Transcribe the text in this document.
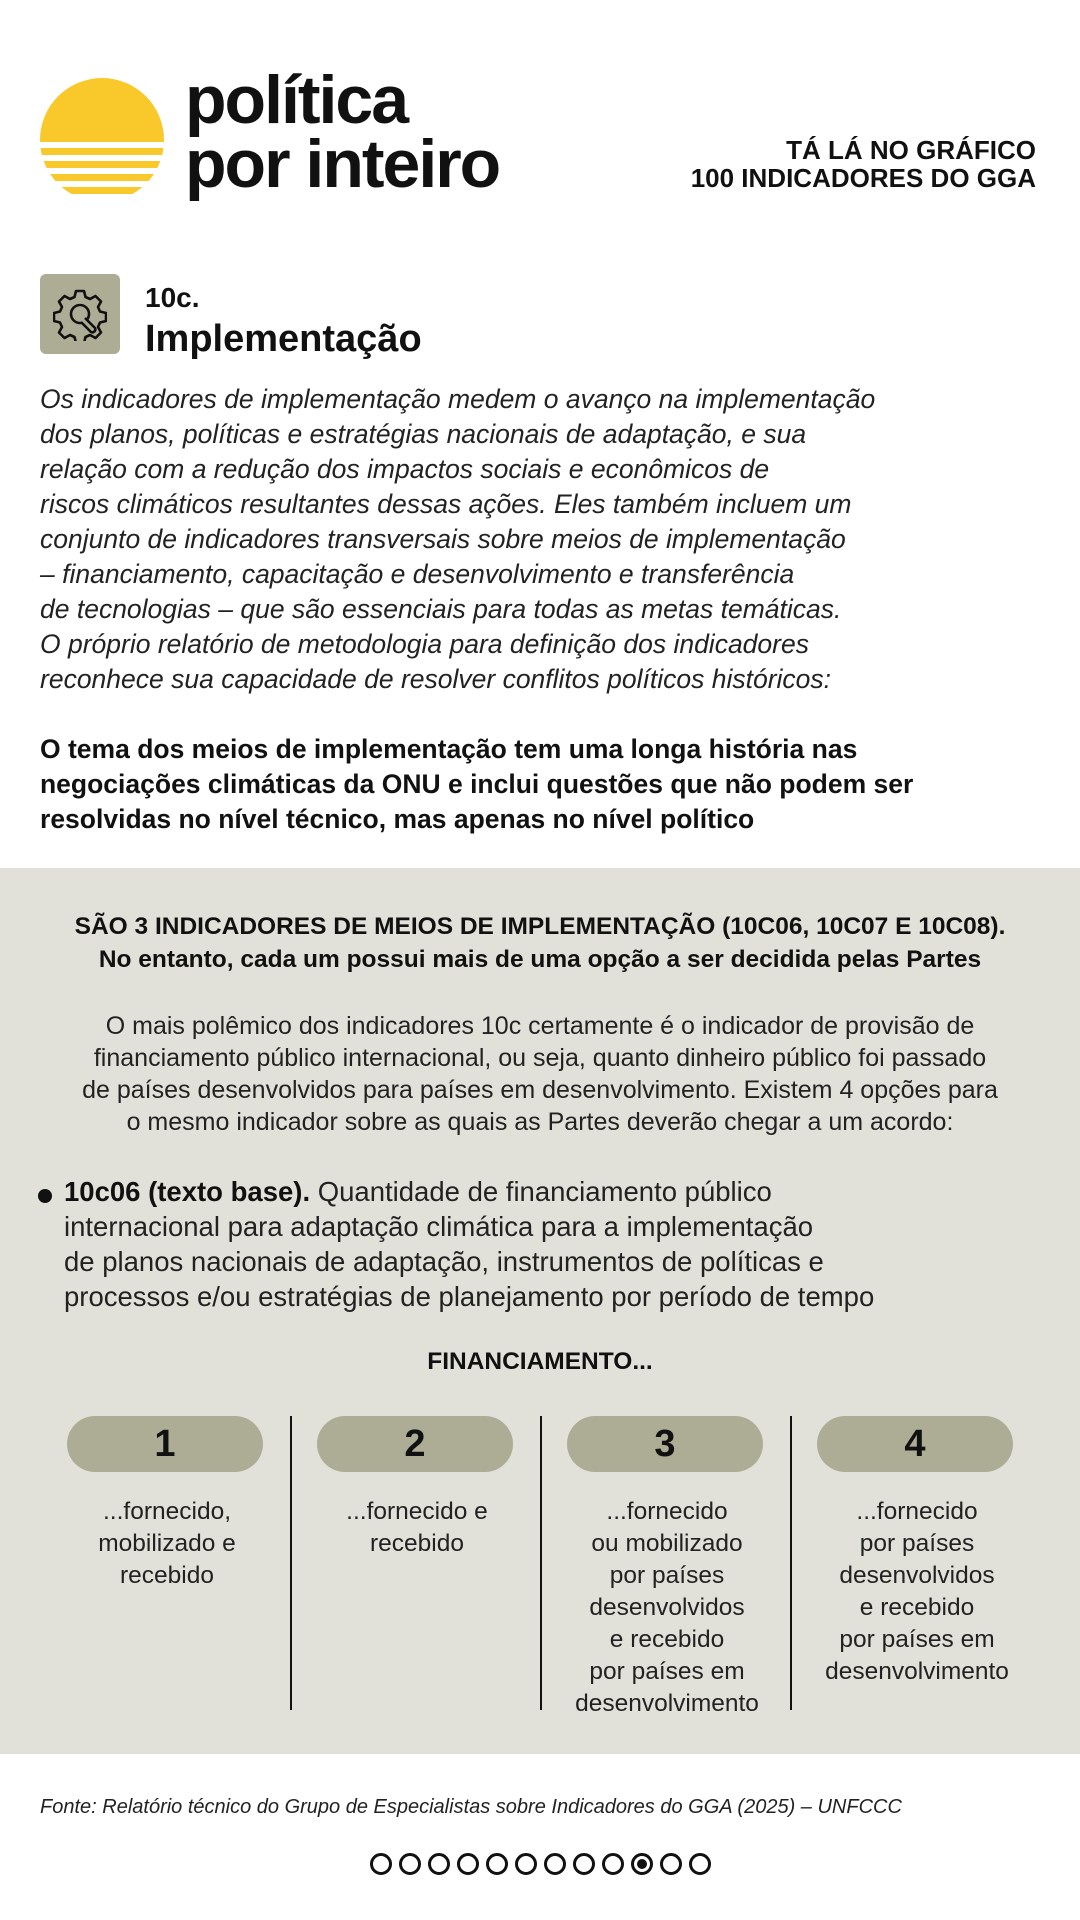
política
por inteiro	TÁ LÁ NO GRÁFICO
100 INDICADORES DO GGA
10c.
Implementação
Os indicadores de implementação medem o avanço na implementação
dos planos, políticas e estratégias nacionais de adaptação, e sua
relação com a redução dos impactos sociais e econômicos de
riscos climáticos resultantes dessas ações. Eles também incluem um
conjunto de indicadores transversais sobre meios de implementação
– financiamento, capacitação e desenvolvimento e transferência
de tecnologias – que são essenciais para todas as metas temáticas.
O próprio relatório de metodologia para definição dos indicadores
reconhece sua capacidade de resolver conflitos políticos históricos:
O tema dos meios de implementação tem uma longa história nas
negociações climáticas da ONU e inclui questões que não podem ser
resolvidas no nível técnico, mas apenas no nível político
SÃO 3 INDICADORES DE MEIOS DE IMPLEMENTAÇÃO (10C06, 10C07 E 10C08).
No entanto, cada um possui mais de uma opção a ser decidida pelas Partes
O mais polêmico dos indicadores 10c certamente é o indicador de provisão de
financiamento público internacional, ou seja, quanto dinheiro público foi passado
de países desenvolvidos para países em desenvolvimento. Existem 4 opções para
o mesmo indicador sobre as quais as Partes deverão chegar a um acordo:
10c06 (texto base). Quantidade de financiamento público
internacional para adaptação climática para a implementação
de planos nacionais de adaptação, instrumentos de políticas e
processos e/ou estratégias de planejamento por período de tempo
FINANCIAMENTO...
1
...fornecido,
mobilizado e
recebido
2
...fornecido e
recebido
3
...fornecido
ou mobilizado
por países
desenvolvidos
e recebido
por países em
desenvolvimento
4
...fornecido
por países
desenvolvidos
e recebido
por países em
desenvolvimento
Fonte: Relatório técnico do Grupo de Especialistas sobre Indicadores do GGA (2025) – UNFCCC
